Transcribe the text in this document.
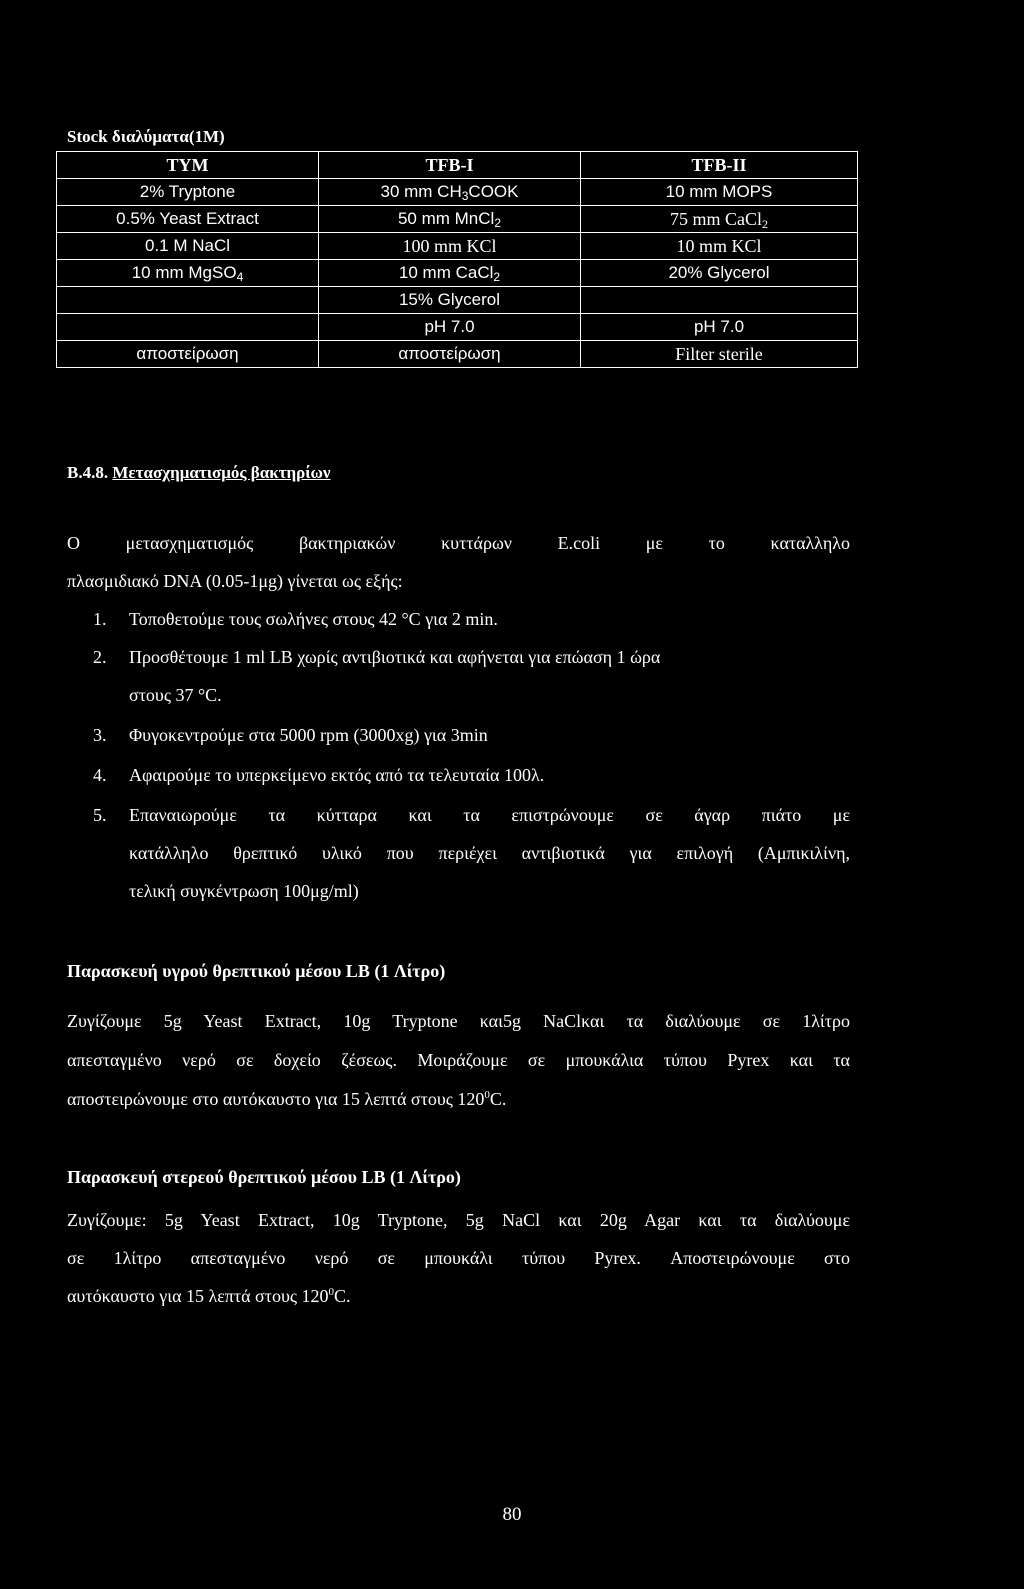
Stock διαλύματα(1M)
TYM	TFB-I	TFB-II
2% Tryptone	30 mm $CH_3COOK$	10 mm MOPS
0.5% Yeast Extract	50 mm MnCl$_2$	75 mm CaCl$_2$
0.1 M NaCl	100 mm KCl	10 mm KCl
10 mm MgSO$_4$	10 mm CaCl$_2$	20% Glycerol
	15% Glycerol	
	pH 7.0	pH 7.0
αποστείρωση	αποστείρωση	Filter sterile
Β.4.8. Μετασχηματισμός βακτηρίων
Ο μετασχηματισμός βακτηριακών κυττάρων E.coli με το καταλληλο
πλασμιδιακό DNA (0.05-1μg) γίνεται ως εξής:
1. Τοποθετούμε τους σωλήνες στους 42 °C για 2 min.
2. Προσθέτουμε 1 ml LB χωρίς αντιβιοτικά και αφήνεται για επώαση 1 ώρα
στους 37 °C.
3. Φυγοκεντρούμε στα 5000 rpm (3000xg) για 3min
4. Αφαιρούμε το υπερκείμενο εκτός από τα τελευταία 100λ.
5. Επαναιωρούμε τα κύτταρα και τα επιστρώνουμε σε άγαρ πιάτο με
κατάλληλο θρεπτικό υλικό που περιέχει αντιβιοτικά για επιλογή (Αμπικιλίνη,
τελική συγκέντρωση 100μg/ml)
Παρασκευή υγρού θρεπτικού μέσου LB (1 Λίτρο)
Ζυγίζουμε 5g Yeast Extract, 10g Tryptone και5g NaClκαι τα διαλύουμε σε 1λίτρο
απεσταγμένο νερό σε δοχείο ζέσεως. Μοιράζουμε σε μπουκάλια τύπου Pyrex και τα
αποστειρώνουμε στο αυτόκαυστο για 15 λεπτά στους $120^0C$.
Παρασκευή στερεού θρεπτικού μέσου LB (1 Λίτρο)
Ζυγίζουμε: 5g Yeast Extract, 10g Tryptone, 5g NaCl και 20g Agar και τα διαλύουμε
σε 1λίτρο απεσταγμένο νερό σε μπουκάλι τύπου Pyrex. Αποστειρώνουμε στο
αυτόκαυστο για 15 λεπτά στους $120^0C$.
80
